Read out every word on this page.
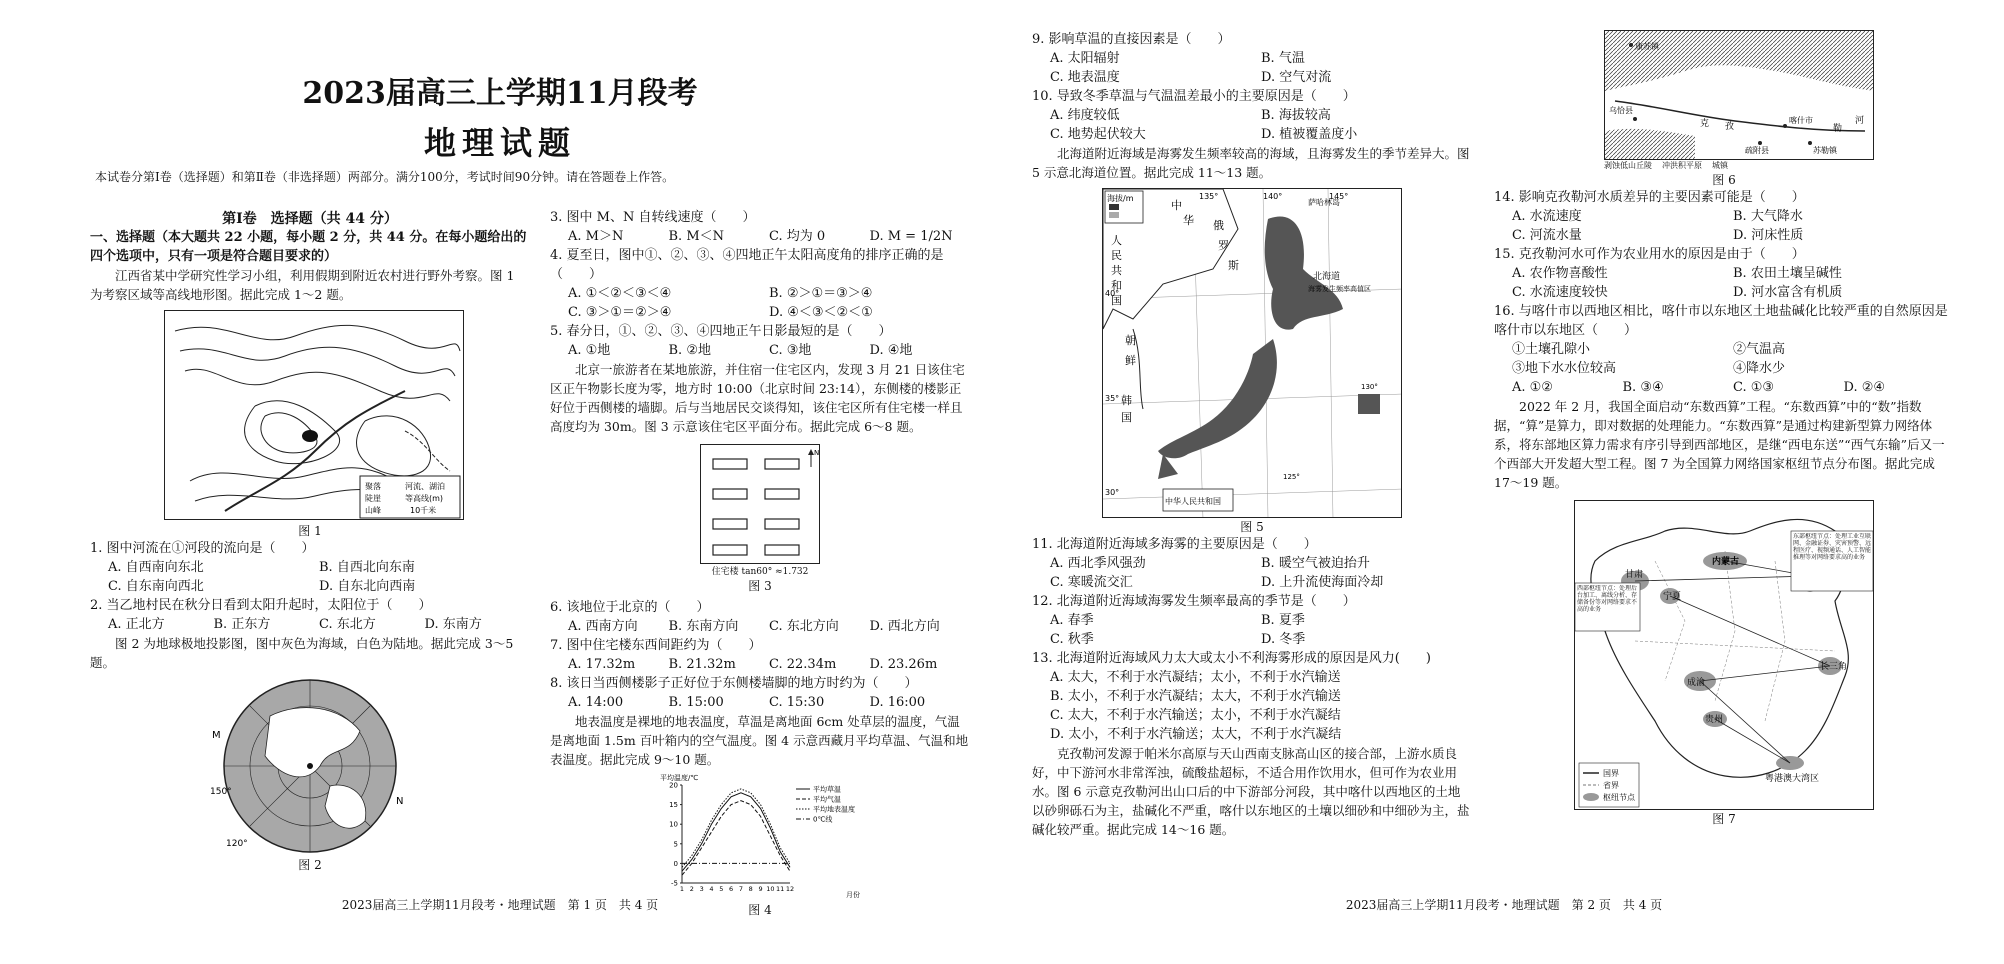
2023届高三上学期11月段考
地理试题
本试卷分第Ⅰ卷（选择题）和第Ⅱ卷（非选择题）两部分。满分100分，考试时间90分钟。请在答题卷上作答。
第Ⅰ卷　选择题（共 44 分）
一、选择题（本大题共 22 小题，每小题 2 分，共 44 分。在每小题给出的四个选项中，只有一项是符合题目要求的）
江西省某中学研究性学习小组，利用假期到附近农村进行野外考察。图 1 为考察区域等高线地形图。据此完成 1～2 题。
聚落
陡崖
山峰
河流、湖泊
等高线(m)
10千米
图 1
1. 图中河流在①河段的流向是（　　）
A. 自西南向东北	B. 自西北向东南
C. 自东南向西北	D. 自东北向西南
2. 当乙地村民在秋分日看到太阳升起时，太阳位于（　　）
A. 正北方	B. 正东方	C. 东北方	D. 东南方
图 2 为地球极地投影图，图中灰色为海域，白色为陆地。据此完成 3～5 题。
M
N
150°
120°
图 2
3. 图中 M、N 自转线速度（　　）
A. M＞N	B. M＜N	C. 均为 0	D. M = 1/2N
4. 夏至日，图中①、②、③、④四地正午太阳高度角的排序正确的是（　　）
A. ①＜②＜③＜④	B. ②＞①＝③＞④
C. ③＞①＝②＞④	D. ④＜③＜②＜①
5. 春分日，①、②、③、④四地正午日影最短的是（　　）
A. ①地	B. ②地	C. ③地	D. ④地
北京一旅游者在某地旅游，并住宿一住宅区内，发现 3 月 21 日该住宅区正午物影长度为零，地方时 10:00（北京时间 23:14），东侧楼的楼影正好位于西侧楼的墙脚。后与当地居民交谈得知，该住宅区所有住宅楼一样且高度均为 30m。图 3 示意该住宅区平面分布。据此完成 6～8 题。
N
住宅楼 tan60° ≈1.732
图 3
6. 该地位于北京的（　　）
A. 西南方向	B. 东南方向	C. 东北方向	D. 西北方向
7. 图中住宅楼东西间距约为（　　）
A. 17.32m	B. 21.32m	C. 22.34m	D. 23.26m
8. 该日当西侧楼影子正好位于东侧楼墙脚的地方时约为（　　）
A. 14:00	B. 15:00	C. 15:30	D. 16:00
地表温度是裸地的地表温度，草温是离地面 6cm 处草层的温度，气温是离地面 1.5m 百叶箱内的空气温度。图 4 示意西藏月平均草温、气温和地表温度。据此完成 9～10 题。
平均温度/℃
月份
-5
0
5
10
15
20
1 2 3 4 5 6 7 8 9 10 11 12
平均草温
平均气温
平均地表温度
0℃线
图 4
2023届高三上学期11月段考・地理试题　第 1 页　共 4 页
9. 影响草温的直接因素是（　　）
A. 太阳辐射	B. 气温
C. 地表温度	D. 空气对流
10. 导致冬季草温与气温温差最小的主要原因是（　　）
A. 纬度较低	B. 海拔较高
C. 地势起伏较大	D. 植被覆盖度小
北海道附近海域是海雾发生频率较高的海域，且海雾发生的季节差异大。图 5 示意北海道位置。据此完成 11～13 题。
海拔/m
中
华 俄
罗
斯
人
民
共
和
国
朝
鲜
韩
国
萨哈林岛
北海道
海雾发生频率高值区
中华人民共和国
135°	140°	145°
40°
35°
30°
130°
125°
图 5
11. 北海道附近海域多海雾的主要原因是（　　）
A. 西北季风强劲	B. 暖空气被迫抬升
C. 寒暖流交汇	D. 上升流使海面冷却
12. 北海道附近海域海雾发生频率最高的季节是（　　）
A. 春季	B. 夏季
C. 秋季	D. 冬季
13. 北海道附近海域风力太大或太小不利海雾形成的原因是风力(　　)
A. 太大，不利于水汽凝结；太小，不利于水汽输送
B. 太小，不利于水汽凝结；太大，不利于水汽输送
C. 太大，不利于水汽输送；太小，不利于水汽凝结
D. 太小，不利于水汽输送；太大，不利于水汽凝结
克孜勒河发源于帕米尔高原与天山西南支脉高山区的接合部，上游水质良好，中下游河水非常浑浊，硫酸盐超标，不适合用作饮用水，但可作为农业用水。图 6 示意克孜勒河出山口后的中下游部分河段，其中喀什以西地区的土地以砂卵砾石为主，盐碱化不严重，喀什以东地区的土壤以细砂和中细砂为主，盐碱化较严重。据此完成 14～16 题。
康苏镇
乌恰县
喀什市
疏附县	苏勒镇
克 孜	勒
河
剥蚀低山丘陵 冲洪积平原 城镇
图 6
14. 影响克孜勒河水质差异的主要因素可能是（　　）
A. 水流速度	B. 大气降水
C. 河流水量	D. 河床性质
15. 克孜勒河水可作为农业用水的原因是由于（　　）
A. 农作物喜酸性	B. 农田土壤呈碱性
C. 水流速度较快	D. 河水富含有机质
16. 与喀什市以西地区相比，喀什市以东地区土地盐碱化比较严重的自然原因是喀什市以东地区（　　）
①土壤孔隙小	②气温高
③地下水水位较高	④降水少
A. ①②	B. ③④	C. ①③	D. ②④
2022 年 2 月，我国全面启动“东数西算”工程。“东数西算”中的“数”指数据，“算”是算力，即对数据的处理能力。“东数西算”是通过构建新型算力网络体系，将东部地区算力需求有序引导到西部地区，是继“西电东送”“西气东输”后又一个西部大开发超大型工程。图 7 为全国算力网络国家枢纽节点分布图。据此完成 17～19 题。
内蒙古
甘肃
宁夏
长三角
成渝
贵州
粤港澳大湾区
西部枢纽节点：处理后台加工、离线分析、存储备份等对网络要求不高的业务
东部枢纽节点：处理工业互联网、金融证券、灾害预警、远程医疗、视频通话、人工智能推理等对网络要求高的业务
国界
省界
枢纽节点
图 7
2023届高三上学期11月段考・地理试题　第 2 页　共 4 页
